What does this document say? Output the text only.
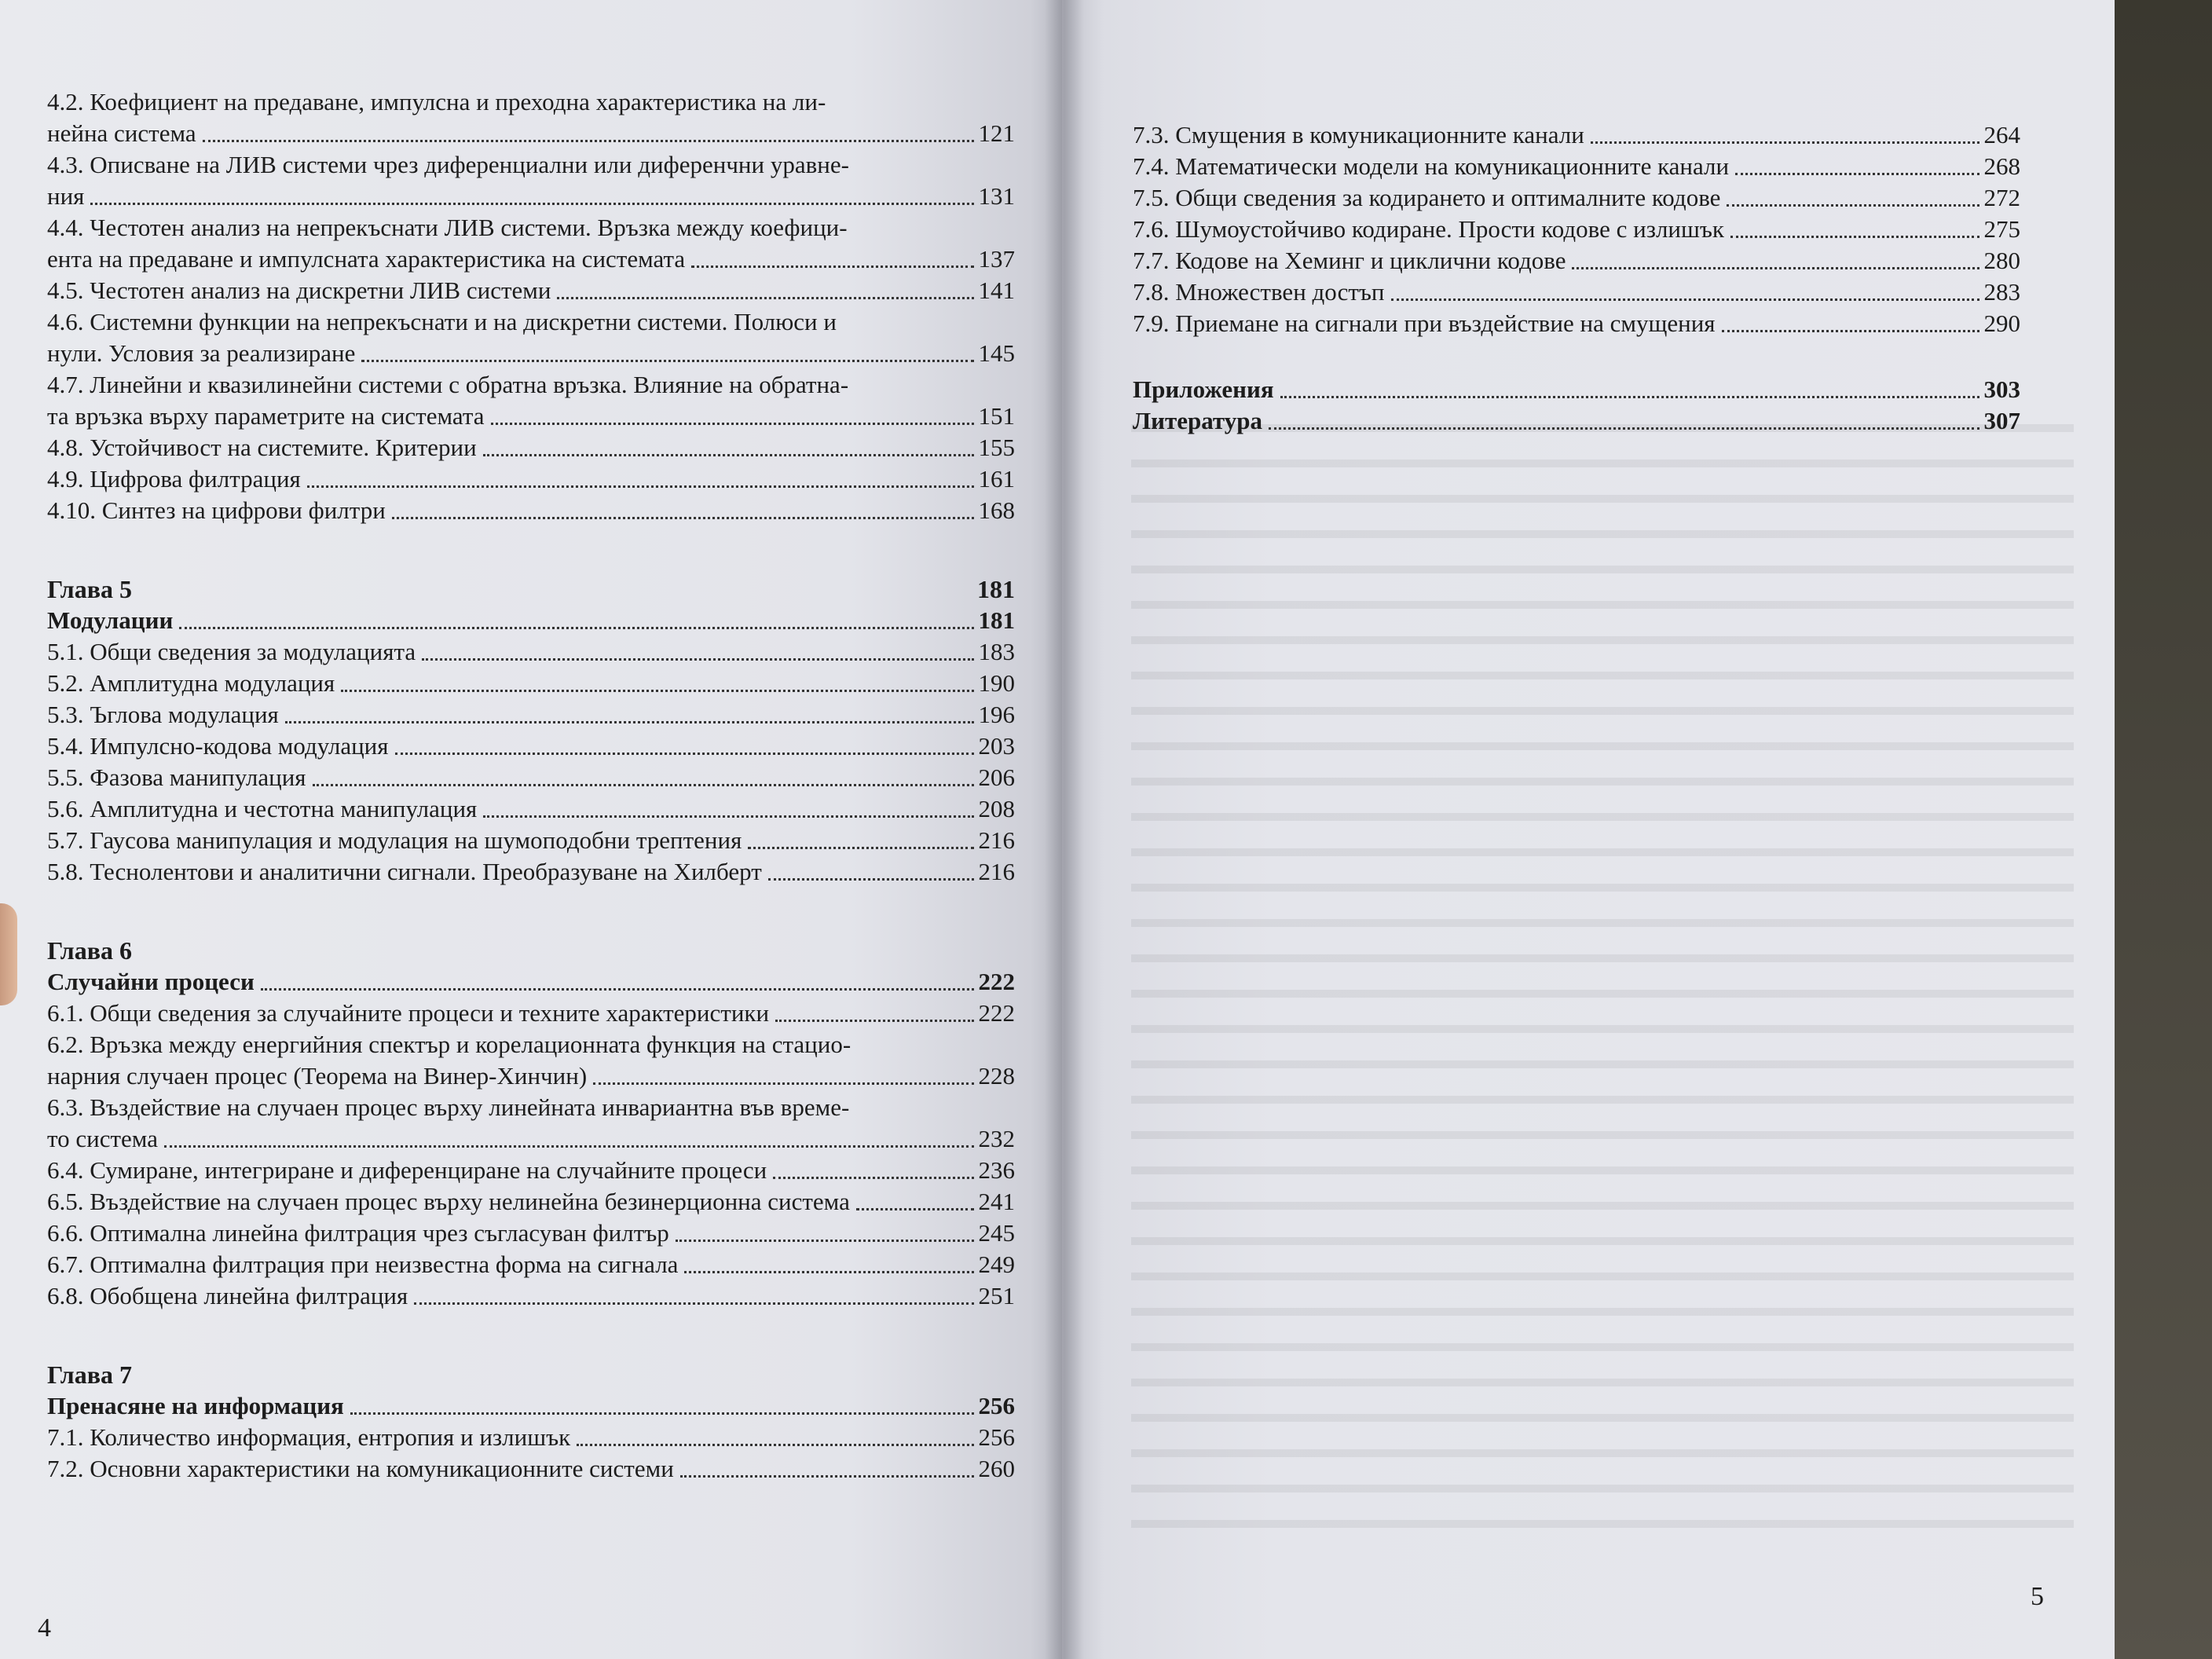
4.2. Коефициент на предаване, импулсна и преходна характеристика на ли-
нейна система	121
4.3. Описване на ЛИВ системи чрез диференциални или диференчни уравне-
ния	131
4.4. Честотен анализ на непрекъснати ЛИВ системи. Връзка между коефици-
ента на предаване и импулсната характеристика на системата	137
4.5. Честотен анализ на дискретни ЛИВ системи	141
4.6. Системни функции на непрекъснати и на дискретни системи. Полюси и
нули. Условия за реализиране	145
4.7. Линейни и квазилинейни системи с обратна връзка. Влияние на обратна-
та връзка върху параметрите на системата	151
4.8. Устойчивост на системите. Критерии	155
4.9. Цифрова филтрация	161
4.10. Синтез на цифрови филтри	168
Глава 5	181
Модулации	181
5.1. Общи сведения за модулацията	183
5.2. Амплитудна модулация	190
5.3. Ъглова модулация	196
5.4. Импулсно-кодова модулация	203
5.5. Фазова манипулация	206
5.6. Амплитудна и честотна манипулация	208
5.7. Гаусова манипулация и модулация на шумоподобни трептения	216
5.8. Теснолентови и аналитични сигнали. Преобразуване на Хилберт	216
Глава 6
Случайни процеси	222
6.1. Общи сведения за случайните процеси и техните характеристики	222
6.2. Връзка между енергийния спектър и корелационната функция на стацио-
нарния случаен процес (Теорема на Винер-Хинчин)	228
6.3. Въздействие на случаен процес върху линейната инвариантна във време-
то система	232
6.4. Сумиране, интегриране и диференциране на случайните процеси	236
6.5. Въздействие на случаен процес върху нелинейна безинерционна система	241
6.6. Оптимална линейна филтрация чрез съгласуван филтър	245
6.7. Оптимална филтрация при неизвестна форма на сигнала	249
6.8. Обобщена линейна филтрация	251
Глава 7
Пренасяне на информация	256
7.1. Количество информация, ентропия и излишък	256
7.2. Основни характеристики на комуникационните системи	260
4
7.3. Смущения в комуникационните канали	264
7.4. Математически модели на комуникационните канали	268
7.5. Общи сведения за кодирането и оптималните кодове	272
7.6. Шумоустойчиво кодиране. Прости кодове с излишък	275
7.7. Кодове на Хеминг и циклични кодове	280
7.8. Множествен достъп	283
7.9. Приемане на сигнали при въздействие на смущения	290
Приложения	303
Литература	307
5
